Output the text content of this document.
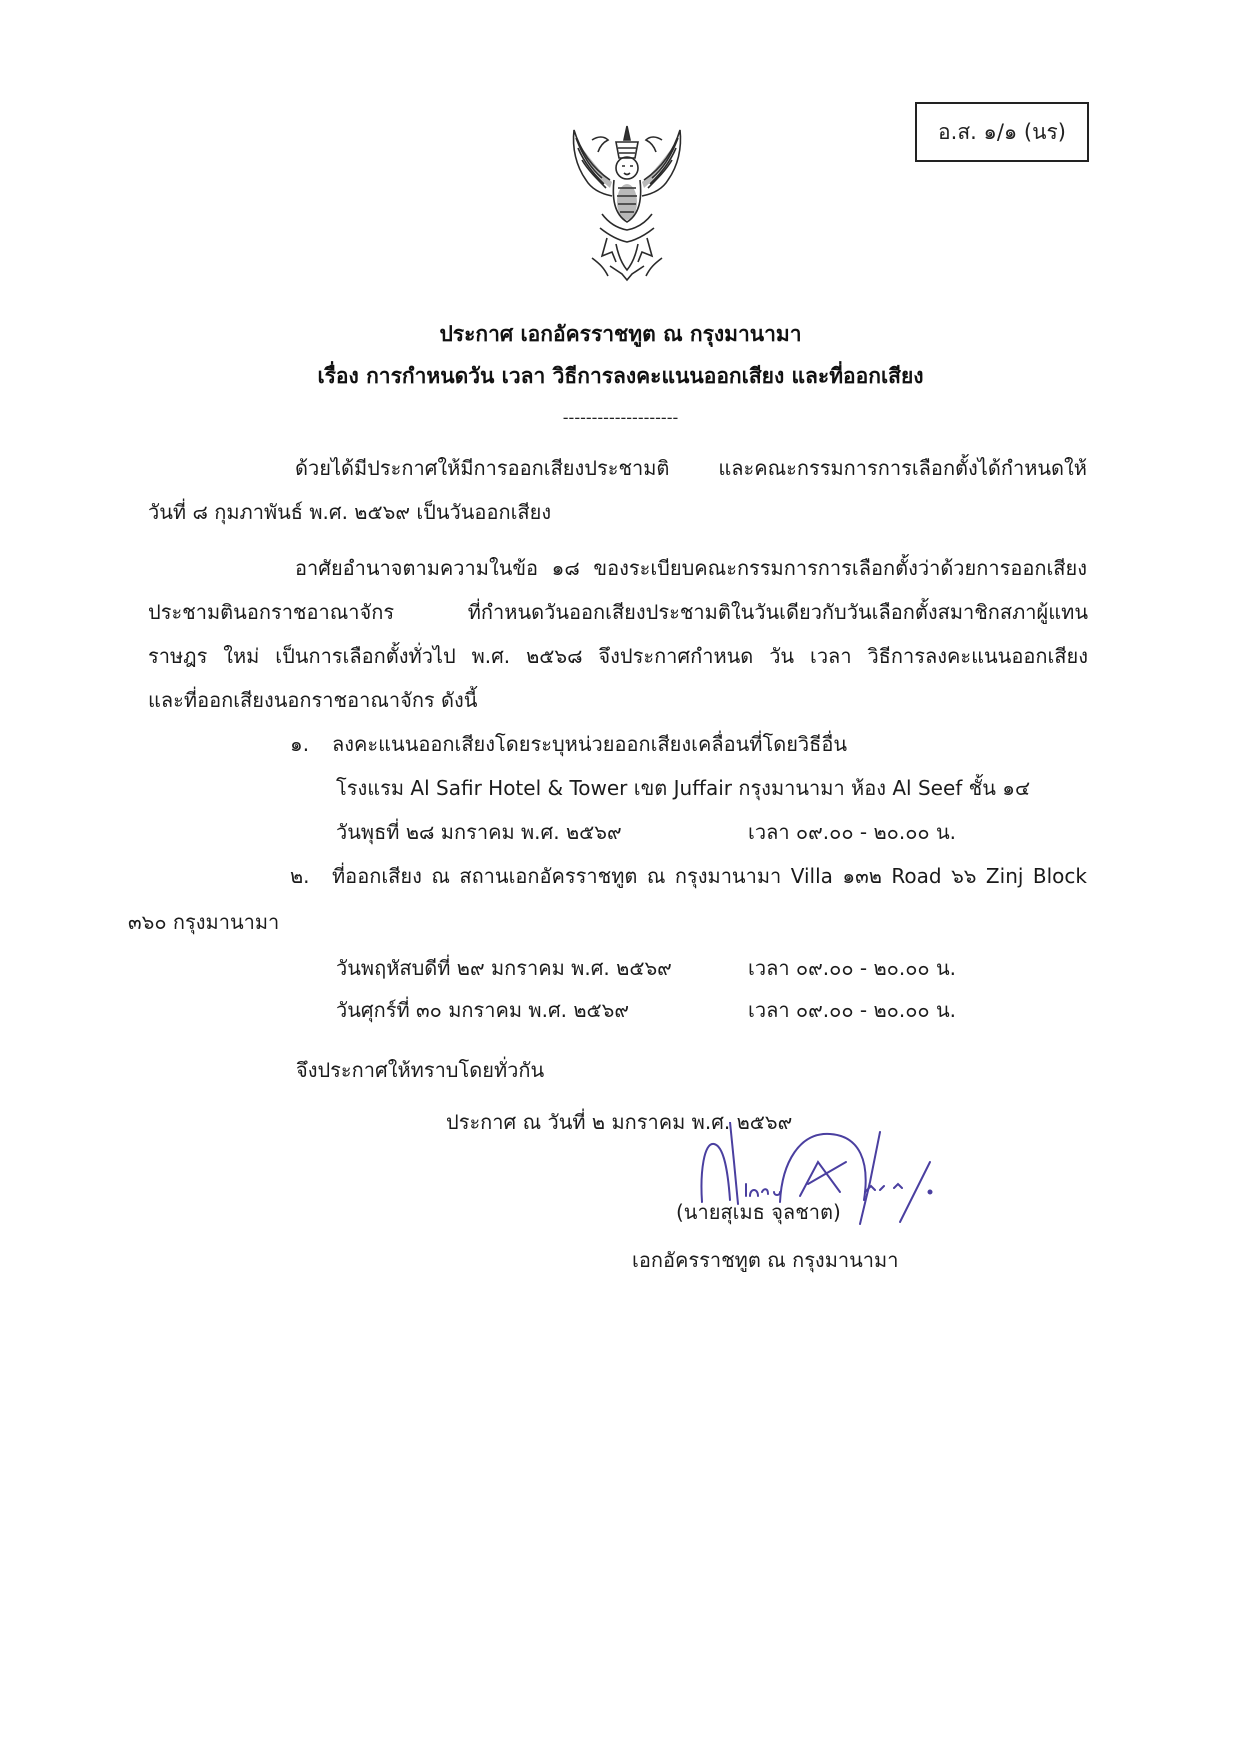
อ.ส. ๑/๑ (นร)
ประกาศ เอกอัครราชทูต ณ กรุงมานามา
เรื่อง การกำหนดวัน เวลา วิธีการลงคะแนนออกเสียง และที่ออกเสียง
--------------------
ด้วยได้มีประกาศให้มีการออกเสียงประชามติ และคณะกรรมการการเลือกตั้งได้กำหนดให้
วันที่ ๘ กุมภาพันธ์ พ.ศ. ๒๕๖๙ เป็นวันออกเสียง
อาศัยอำนาจตามความในข้อ ๑๘ ของระเบียบคณะกรรมการการเลือกตั้งว่าด้วยการออกเสียง
ประชามตินอกราชอาณาจักร ที่กำหนดวันออกเสียงประชามติในวันเดียวกับวันเลือกตั้งสมาชิกสภาผู้แทน
ราษฎร ใหม่ เป็นการเลือกตั้งทั่วไป พ.ศ. ๒๕๖๘ จึงประกาศกำหนด วัน เวลา วิธีการลงคะแนนออกเสียง
และที่ออกเสียงนอกราชอาณาจักร ดังนี้
๑. ลงคะแนนออกเสียงโดยระบุหน่วยออกเสียงเคลื่อนที่โดยวิธีอื่น
โรงแรม Al Safir Hotel & Tower เขต Juffair กรุงมานามา ห้อง Al Seef ชั้น ๑๔
วันพุธที่ ๒๘ มกราคม พ.ศ. ๒๕๖๙	เวลา ๐๙.๐๐ - ๒๐.๐๐ น.
๒. ที่ออกเสียง ณ สถานเอกอัครราชทูต ณ กรุงมานามา Villa ๑๓๒ Road ๖๖ Zinj Block
๓๖๐ กรุงมานามา
วันพฤหัสบดีที่ ๒๙ มกราคม พ.ศ. ๒๕๖๙	เวลา ๐๙.๐๐ - ๒๐.๐๐ น.
วันศุกร์ที่ ๓๐ มกราคม พ.ศ. ๒๕๖๙	เวลา ๐๙.๐๐ - ๒๐.๐๐ น.
จึงประกาศให้ทราบโดยทั่วกัน
ประกาศ ณ วันที่ ๒ มกราคม พ.ศ. ๒๕๖๙
(นายสุเมธ จุลชาต)
เอกอัครราชทูต ณ กรุงมานามา
